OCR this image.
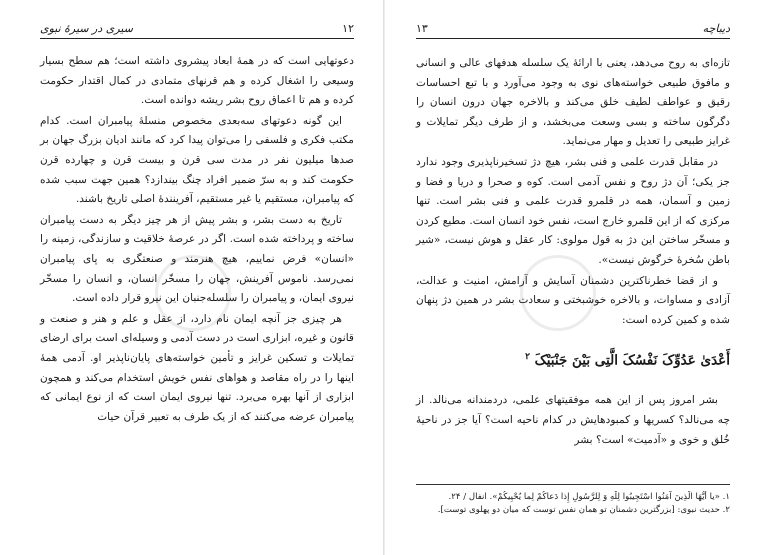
۱۲
سیری در سیرهٔ نبوی

دعوتهایی است که در همهٔ ابعاد پیشروی داشته است؛ هم سطح بسیار وسیعی را اشغال کرده و هم قرنهای متمادی در کمال اقتدار حکومت کرده و هم تا اعماق روح بشر ریشه دوانده است.

این گونه دعوتهای سه‌بعدی مخصوص منسلهٔ پیامبران است. کدام مکتب فکری و فلسفی را می‌توان پیدا کرد که مانند ادیان بزرگ جهان بر صدها میلیون نفر در مدت سی قرن و بیست قرن و چهارده قرن حکومت کند و به سرّ ضمیر افراد چنگ بیندازد؟ همین جهت سبب شده که پیامبران، مستقیم یا غیر مستقیم، آفرینندهٔ اصلی تاریخ باشند.

تاریخ به دست بشر، و بشر پیش از هر چیز دیگر به دست پیامبران ساخته و پرداخته شده است. اگر در عرصهٔ خلاقیت و سازندگی، زمینه را «انسان» فرض نماییم، هیچ هنرمند و صنعتگری به پای پیامبران نمی‌رسد. ناموس آفرینش، جهان را مسخّر انسان، و انسان را مسخّر نیروی ایمان، و پیامبران را سلسله‌جنبان این نیرو قرار داده است.

هر چیزی جز آنچه ایمان نام دارد، از عقل و علم و هنر و صنعت و قانون و غیره، ابزاری است در دست آدمی و وسیله‌ای است برای ارضای تمایلات و تسکین غرایز و تأمین خواسته‌های پایان‌ناپذیر او. آدمی همهٔ اینها را در راه مقاصد و هواهای نفس خویش استخدام می‌کند و همچون ابزاری از آنها بهره می‌برد. تنها نیروی ایمان است که از نوع ایمانی که پیامبران عرضه می‌کنند که از یک طرف به تعبیر قرآن حیات

دیباچه
۱۳

تازه‌ای به روح می‌دهد، یعنی با ارائهٔ یک سلسله هدفهای عالی و انسانی و مافوق طبیعی خواسته‌های نوی به وجود می‌آورد و با تبع احساسات رقیق و عواطف لطیف خلق می‌کند و بالاخره جهان درون انسان را دگرگون ساخته و بسی وسعت می‌بخشد، و از طرف دیگر تمایلات و غرایز طبیعی را تعدیل و مهار می‌نماید.

در مقابل قدرت علمی و فنی بشر، هیچ دژ تسخیرناپذیری وجود ندارد جز یکی؛ آن دژ روح و نفس آدمی است. کوه و صحرا و دریا و فضا و زمین و آسمان، همه در قلمرو قدرت علمی و فنی بشر است. تنها مرکزی که از این قلمرو خارج است، نفس خود انسان است. مطیع کردن و مسخّر ساختن این دژ به قول مولوی: کار عقل و هوش نیست، «شیر باطن سُخرهٔ خرگوش نیست».

و از قضا خطرناکترین دشمنان آسایش و آرامش، امنیت و عدالت، آزادی و مساوات، و بالاخره خوشبختی و سعادت بشر در همین دژ پنهان شده و کمین کرده است:

أَعْدَیٰ عَدُوِّکَ نَفْسُکَ الَّتِی بَیْنَ جَنْبَیْکَ $^۲$

بشر امروز پس از این همه موفقیتهای علمی، دردمندانه می‌نالد. از چه می‌نالد؟ کسریها و کمبودهایش در کدام ناحیه است؟ آیا جز در ناحیهٔ خُلق و خوی و «آدمیت» است؟ بشر

۱. «یا أَیُّهَا الَّذِینَ آمَنُوا اسْتَجِیبُوا لِلّٰهِ وَ لِلرَّسُولِ إِذا دَعاکُمْ لِما یُحْیِیکُمْ». انفال / ۲۴.
۲. حدیث نبوی: [بزرگترین دشمنان تو همان نفس توست که میان دو پهلوی توست].
